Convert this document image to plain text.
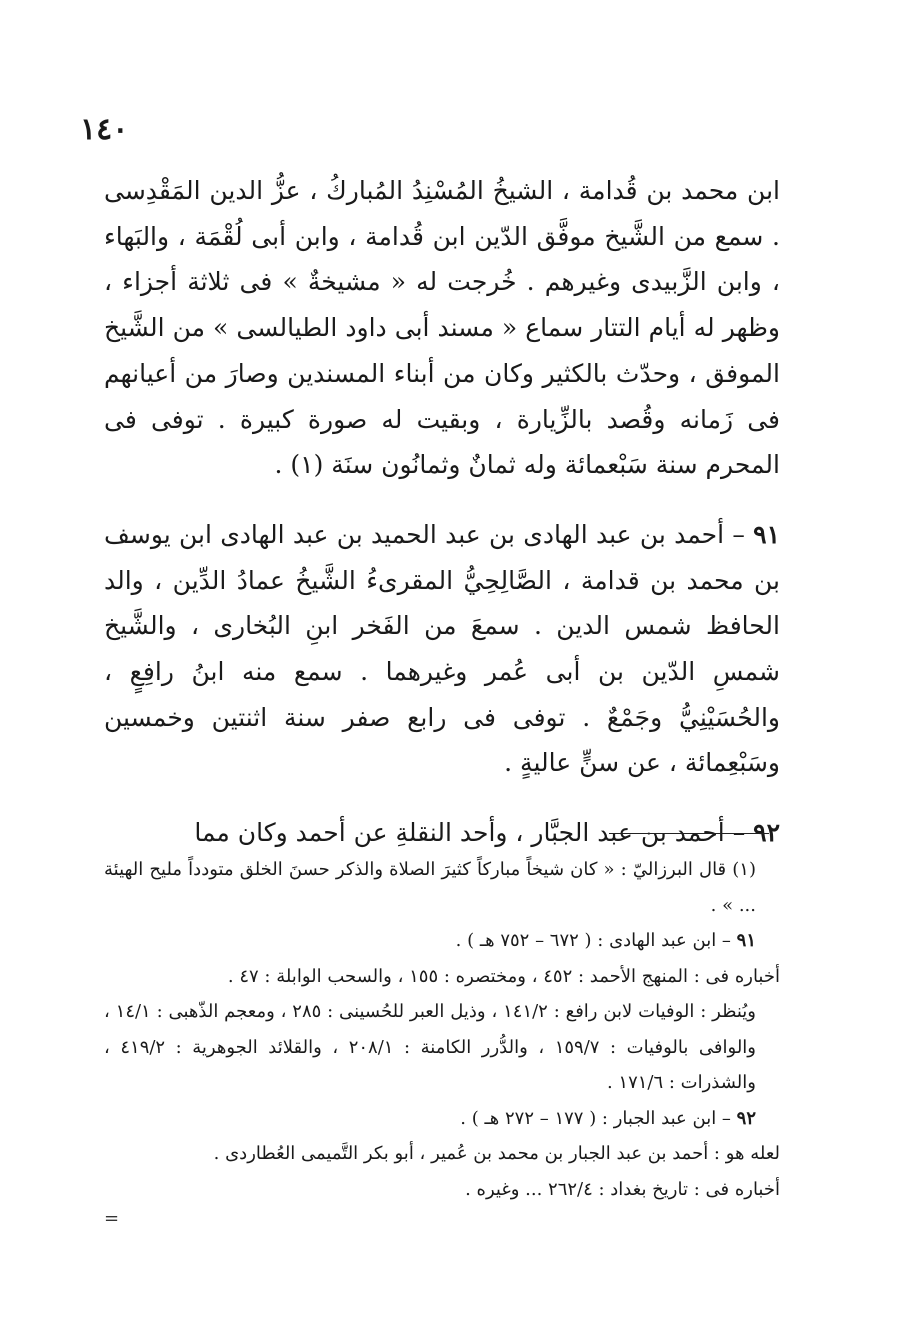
١٤٠

ابن محمد بن قُدامة ، الشيخُ المُسْنِدُ المُباركُ ، عزُّ الدين المَقْدِسى . سمع من الشَّيخ موفَّق الدّين ابن قُدامة ، وابن أبى لُقْمَة ، والبَهاء ، وابن الزَّبيدى وغيرهم . خُرجت له « مشيخةٌ » فى ثلاثة أجزاء ، وظهر له أيام التتار سماع « مسند أبى داود الطيالسى » من الشَّيخ الموفق ، وحدّث بالكثير وكان من أبناء المسندين وصارَ من أعيانهم فى زَمانه وقُصد بالزِّيارة ، وبقيت له صورة كبيرة . توفى فى المحرم سنة سَبْعمائة وله ثمانٌ وثمانُون سنَة (١) .

٩١ – أحمد بن عبد الهادى بن عبد الحميد بن عبد الهادى ابن يوسف بن محمد بن قدامة ، الصَّالِحِيُّ المقرىءُ الشَّيخُ عمادُ الدِّين ، والد الحافظ شمس الدين . سمعَ من الفَخر ابنِ البُخارى ، والشَّيخ شمسِ الدّين بن أبى عُمر وغيرهما . سمع منه ابنُ رافِعٍ ، والحُسَيْنِيُّ وجَمْعٌ . توفى فى رابع صفر سنة اثنتين وخمسين وسَبْعِمائة ، عن سنٍّ عاليةٍ .

٩٢ – أحمد بن عبد الجبَّار ، وأحد النقلةِ عن أحمد وكان مما

(١) قال البرزاليّ : « كان شيخاً مباركاً كثيرَ الصلاة والذكر حسنَ الخلق متودداً مليح الهيئة ... » .

٩١ – ابن عبد الهادى : ( ٦٧٢ – ٧٥٢ هـ ) .

أخباره فى : المنهج الأحمد : ٤٥٢ ، ومختصره : ١٥٥ ، والسحب الوابلة : ٤٧ .

ويُنظر : الوفيات لابن رافع : ١٤١/٢ ، وذيل العبر للحُسينى : ٢٨٥ ، ومعجم الذّهبى : ١٤/١ ، والوافى بالوفيات : ١٥٩/٧ ، والدُّرر الكامنة : ٢٠٨/١ ، والقلائد الجوهرية : ٤١٩/٢ ، والشذرات : ١٧١/٦ .

٩٢ – ابن عبد الجبار : ( ١٧٧ – ٢٧٢ هـ ) .

لعله هو : أحمد بن عبد الجبار بن محمد بن عُمير ، أبو بكر التَّميمى العُطاردى .

أخباره فى : تاريخ بغداد : ٢٦٢/٤ ... وغيره .

=
